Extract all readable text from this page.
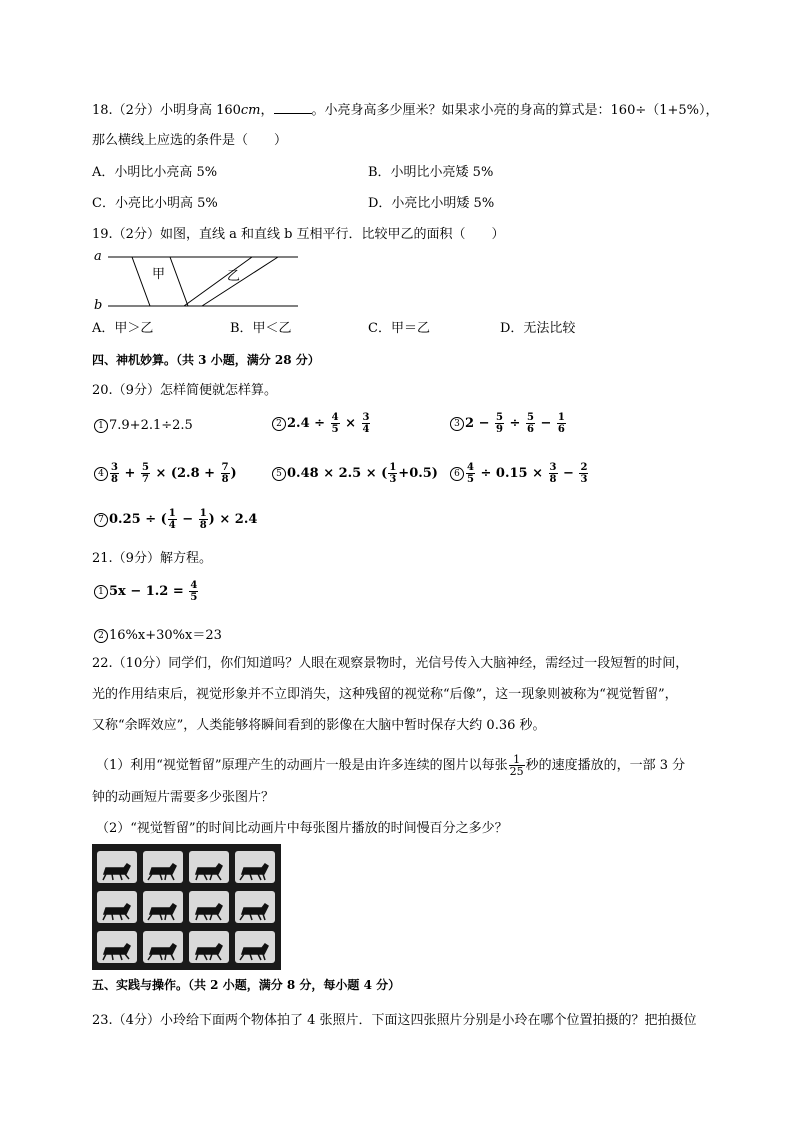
18.（2分）小明身高 160cm，	。小亮身高多少厘米？如果求小亮的身高的算式是：160÷（1+5%），
那么横线上应选的条件是（　　）
A．小明比小亮高 5%	B．小明比小亮矮 5%
C．小亮比小明高 5%	D．小亮比小明矮 5%
19.（2分）如图，直线 a 和直线 b 互相平行．比较甲乙的面积（　　）
a
b
甲	乙
A．甲＞乙	B．甲＜乙	C．甲＝乙	D．无法比较
四、神机妙算。（共 3 小题，满分 28 分）
20.（9分）怎样简便就怎样算。
1 7.9+2.1÷2.5	2 $2.4 \div \frac{4}{5} \times \frac{3}{4}$	3 $2 - \frac{5}{9} \div \frac{5}{6} - \frac{1}{6}$
$4 \frac{3}{8} + \frac{5}{7} \times (2.8 + \frac{7}{8}$ )	5 0.48 × 2.5 × ( $\frac{1}{3} +0.5$)	$6 \frac{4}{5} \div 0.15 \times \frac{3}{8} - \frac{2}{3}$
7 0.25 ÷ ( $\frac{1}{4} - \frac{1}{8}$ ) × 2.4
21.（9分）解方程。
1 $5x - 1.2 = \frac{4}{5}$
2 16%x+30%x＝23
22.（10分）同学们，你们知道吗？人眼在观察景物时，光信号传入大脑神经，需经过一段短暂的时间，
光的作用结束后，视觉形象并不立即消失，这种残留的视觉称“后像”，这一现象则被称为“视觉暂留”，
又称“余晖效应”，人类能够将瞬间看到的影像在大脑中暂时保存大约 0.36 秒。
（1）利用“视觉暂留”原理产生的动画片一般是由许多连续的图片以每张 $\frac{1}{25}$ 秒的速度播放的，一部 3 分
钟的动画短片需要多少张图片？
（2）“视觉暂留”的时间比动画片中每张图片播放的时间慢百分之多少？
五、实践与操作。（共 2 小题，满分 8 分，每小题 4 分）
23.（4分）小玲给下面两个物体拍了 4 张照片．下面这四张照片分别是小玲在哪个位置拍摄的？把拍摄位
